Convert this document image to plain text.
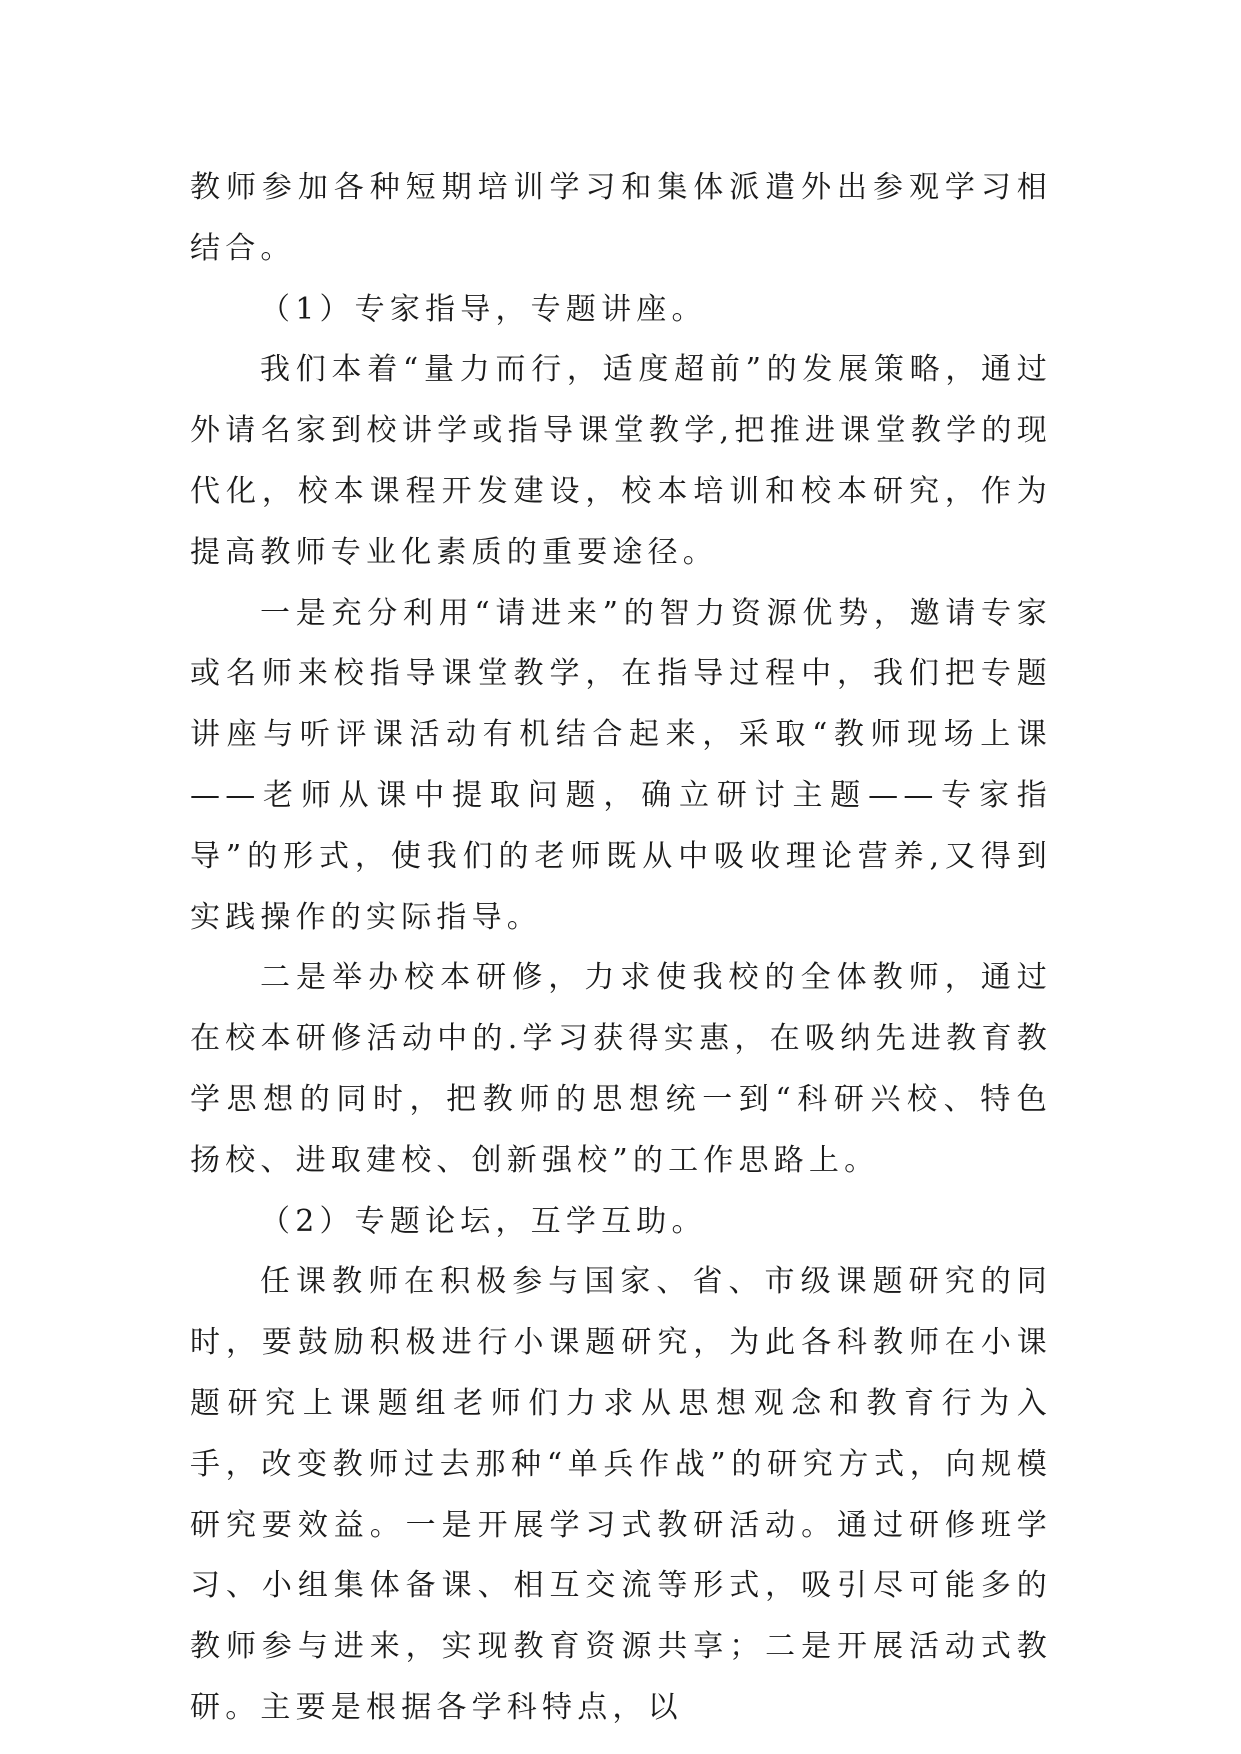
教师参加各种短期培训学习和集体派遣外出参观学习相结合。

（1）专家指导，专题讲座。

我们本着“量力而行，适度超前”的发展策略，通过外请名家到校讲学或指导课堂教学,把推进课堂教学的现代化，校本课程开发建设，校本培训和校本研究，作为提高教师专业化素质的重要途径。

一是充分利用“请进来”的智力资源优势，邀请专家或名师来校指导课堂教学，在指导过程中，我们把专题讲座与听评课活动有机结合起来，采取“教师现场上课——老师从课中提取问题，确立研讨主题——专家指导”的形式，使我们的老师既从中吸收理论营养,又得到实践操作的实际指导。

二是举办校本研修，力求使我校的全体教师，通过在校本研修活动中的.学习获得实惠，在吸纳先进教育教学思想的同时，把教师的思想统一到“科研兴校、特色扬校、进取建校、创新强校”的工作思路上。

（2）专题论坛，互学互助。

任课教师在积极参与国家、省、市级课题研究的同时，要鼓励积极进行小课题研究，为此各科教师在小课题研究上课题组老师们力求从思想观念和教育行为入手，改变教师过去那种“单兵作战”的研究方式，向规模研究要效益。一是开展学习式教研活动。通过研修班学习、小组集体备课、相互交流等形式，吸引尽可能多的教师参与进来，实现教育资源共享；二是开展活动式教研。主要是根据各学科特点，以
